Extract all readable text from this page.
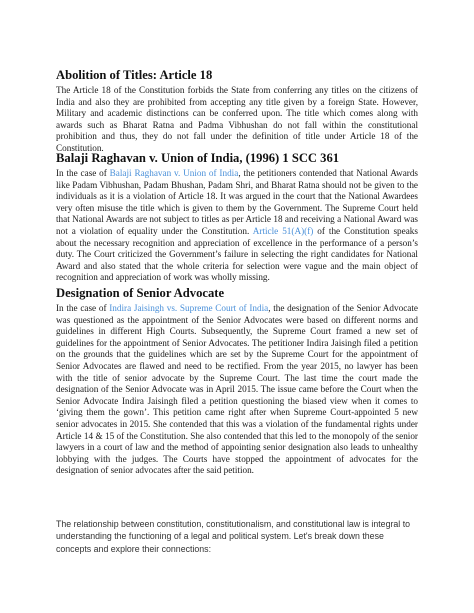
Abolition of Titles: Article 18

The Article 18 of the Constitution forbids the State from conferring any titles on the citizens of India and also they are prohibited from accepting any title given by a foreign State. However, Military and academic distinctions can be conferred upon. The title which comes along with awards such as Bharat Ratna and Padma Vibhushan do not fall within the constitutional prohibition and thus, they do not fall under the definition of title under Article 18 of the Constitution.

Balaji Raghavan v. Union of India, (1996) 1 SCC 361

In the case of Balaji Raghavan v. Union of India, the petitioners contended that National Awards like Padam Vibhushan, Padam Bhushan, Padam Shri, and Bharat Ratna should not be given to the individuals as it is a violation of Article 18. It was argued in the court that the National Awardees very often misuse the title which is given to them by the Government. The Supreme Court held that National Awards are not subject to titles as per Article 18 and receiving a National Award was not a violation of equality under the Constitution. Article 51(A)(f) of the Constitution speaks about the necessary recognition and appreciation of excellence in the performance of a person’s duty. The Court criticized the Government’s failure in selecting the right candidates for National Award and also stated that the whole criteria for selection were vague and the main object of recognition and appreciation of work was wholly missing.

Designation of Senior Advocate

In the case of Indira Jaisingh vs. Supreme Court of India, the designation of the Senior Advocate was questioned as the appointment of the Senior Advocates were based on different norms and guidelines in different High Courts. Subsequently, the Supreme Court framed a new set of guidelines for the appointment of Senior Advocates. The petitioner Indira Jaisingh filed a petition on the grounds that the guidelines which are set by the Supreme Court for the appointment of Senior Advocates are flawed and need to be rectified. From the year 2015, no lawyer has been with the title of senior advocate by the Supreme Court. The last time the court made the designation of the Senior Advocate was in April 2015. The issue came before the Court when the Senior Advocate Indira Jaisingh filed a petition questioning the biased view when it comes to ‘giving them the gown’. This petition came right after when Supreme Court-appointed 5 new senior advocates in 2015. She contended that this was a violation of the fundamental rights under Article 14 & 15 of the Constitution. She also contended that this led to the monopoly of the senior lawyers in a court of law and the method of appointing senior designation also leads to unhealthy lobbying with the judges. The Courts have stopped the appointment of advocates for the designation of senior advocates after the said petition.

The relationship between constitution, constitutionalism, and constitutional law is integral to understanding the functioning of a legal and political system. Let's break down these concepts and explore their connections:
